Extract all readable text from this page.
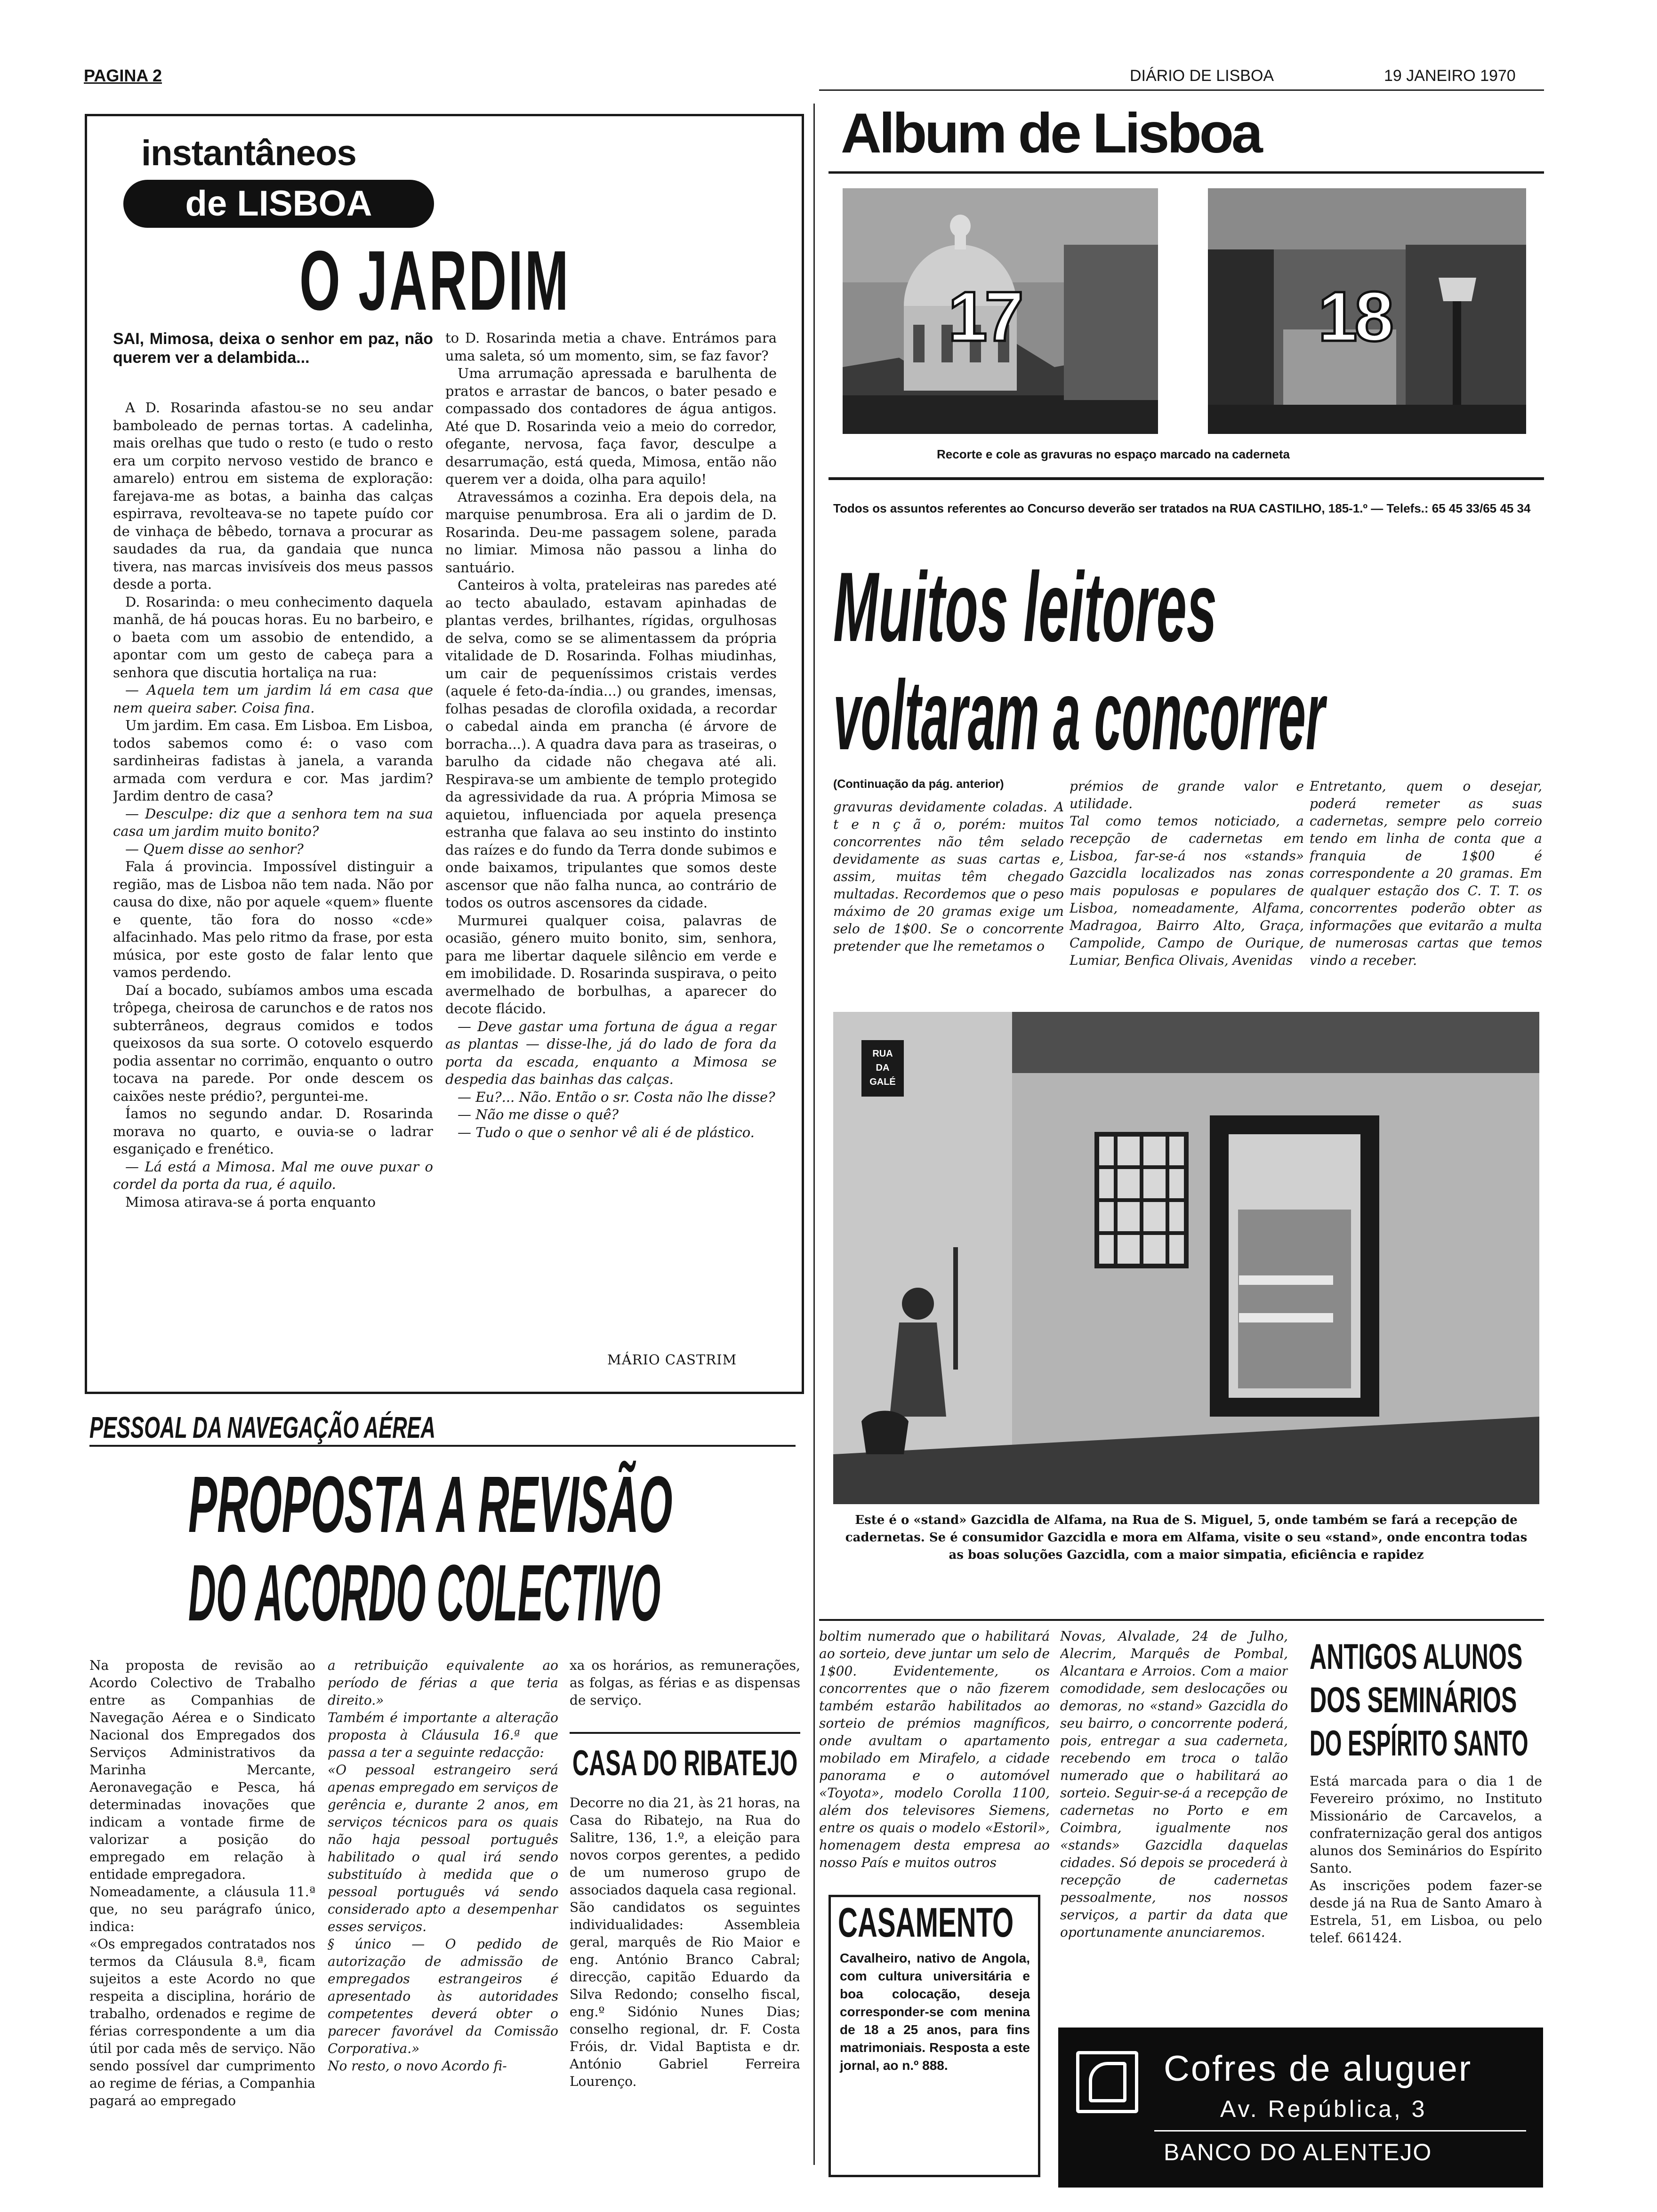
PAGINA 2	DIÁRIO DE LISBOA	19 JANEIRO 1970
instantâneos
de LISBOA
O JARDIM
SAI, Mimosa, deixa o senhor em paz, não querem ver a delambida...

A D. Rosarinda afastou-se no seu andar bamboleado de pernas tortas. A cadelinha, mais orelhas que tudo o resto (e tudo o resto era um corpito nervoso vestido de branco e amarelo) entrou em sistema de exploração: farejava-me as botas, a bainha das calças espirrava, revolteava-se no tapete puído cor de vinhaça de bêbedo, tornava a procurar as saudades da rua, da gandaia que nunca tivera, nas marcas invisíveis dos meus passos desde a porta.

D. Rosarinda: o meu conhecimento daquela manhã, de há poucas horas. Eu no barbeiro, e o baeta com um assobio de entendido, a apontar com um gesto de cabeça para a senhora que discutia hortaliça na rua:

— Aquela tem um jardim lá em casa que nem queira saber. Coisa fina.

Um jardim. Em casa. Em Lisboa. Em Lisboa, todos sabemos como é: o vaso com sardinheiras fadistas à janela, a varanda armada com verdura e cor. Mas jardim? Jardim dentro de casa?

— Desculpe: diz que a senhora tem na sua casa um jardim muito bonito?

— Quem disse ao senhor?

Fala á provincia. Impossível distinguir a região, mas de Lisboa não tem nada. Não por causa do dixe, não por aquele «quem» fluente e quente, tão fora do nosso «cde» alfacinhado. Mas pelo ritmo da frase, por esta música, por este gosto de falar lento que vamos perdendo.

Daí a bocado, subíamos ambos uma escada trôpega, cheirosa de carunchos e de ratos nos subterrâneos, degraus comidos e todos queixosos da sua sorte. O cotovelo esquerdo podia assentar no corrimão, enquanto o outro tocava na parede. Por onde descem os caixões neste prédio?, perguntei-me.

Íamos no segundo andar. D. Rosarinda morava no quarto, e ouvia-se o ladrar esganiçado e frenético.

— Lá está a Mimosa. Mal me ouve puxar o cordel da porta da rua, é aquilo.

Mimosa atirava-se á porta enquanto

to D. Rosarinda metia a chave. Entrámos para uma saleta, só um momento, sim, se faz favor?

Uma arrumação apressada e barulhenta de pratos e arrastar de bancos, o bater pesado e compassado dos contadores de água antigos. Até que D. Rosarinda veio a meio do corredor, ofegante, nervosa, faça favor, desculpe a desarrumação, está queda, Mimosa, então não querem ver a doida, olha para aquilo!

Atravessámos a cozinha. Era depois dela, na marquise penumbrosa. Era ali o jardim de D. Rosarinda. Deu-me passagem solene, parada no limiar. Mimosa não passou a linha do santuário.

Canteiros à volta, prateleiras nas paredes até ao tecto abaulado, estavam apinhadas de plantas verdes, brilhantes, rígidas, orgulhosas de selva, como se se alimentassem da própria vitalidade de D. Rosarinda. Folhas miudinhas, um cair de pequeníssimos cristais verdes (aquele é feto-da-índia...) ou grandes, imensas, folhas pesadas de clorofila oxidada, a recordar o cabedal ainda em prancha (é árvore de borracha...). A quadra dava para as traseiras, o barulho da cidade não chegava até ali. Respirava-se um ambiente de templo protegido da agressividade da rua. A própria Mimosa se aquietou, influenciada por aquela presença estranha que falava ao seu instinto do instinto das raízes e do fundo da Terra donde subimos e onde baixamos, tripulantes que somos deste ascensor que não falha nunca, ao contrário de todos os outros ascensores da cidade.

Murmurei qualquer coisa, palavras de ocasião, género muito bonito, sim, senhora, para me libertar daquele silêncio em verde e em imobilidade. D. Rosarinda suspirava, o peito avermelhado de borbulhas, a aparecer do decote flácido.

— Deve gastar uma fortuna de água a regar as plantas — disse-lhe, já do lado de fora da porta da escada, enquanto a Mimosa se despedia das bainhas das calças.

— Eu?... Não. Então o sr. Costa não lhe disse?

— Não me disse o quê?

— Tudo o que o senhor vê ali é de plástico.

MÁRIO CASTRIM
PESSOAL DA NAVEGAÇÃO AÉREA
PROPOSTA A REVISÃO
DO ACORDO COLECTIVO
Na proposta de revisão ao Acordo Colectivo de Trabalho entre as Companhias de Navegação Aérea e o Sindicato Nacional dos Empregados dos Serviços Administrativos da Marinha Mercante, Aeronavegação e Pesca, há determinadas inovações que indicam a vontade firme de valorizar a posição do empregado em relação à entidade empregadora.
Nomeadamente, a cláusula 11.ª que, no seu parágrafo único, indica:
«Os empregados contratados nos termos da Cláusula 8.ª, ficam sujeitos a este Acordo no que respeita a disciplina, horário de trabalho, ordenados e regime de férias correspondente a um dia útil por cada mês de serviço. Não sendo possível dar cumprimento ao regime de férias, a Companhia pagará ao empregado
a retribuição equivalente ao período de férias a que teria direito.»
Também é importante a alteração proposta à Cláusula 16.ª que passa a ter a seguinte redacção:
«O pessoal estrangeiro será apenas empregado em serviços de gerência e, durante 2 anos, em serviços técnicos para os quais não haja pessoal português habilitado o qual irá sendo substituído à medida que o pessoal português vá sendo considerado apto a desempenhar esses serviços.
§ único — O pedido de autorização de admissão de empregados estrangeiros é apresentado às autoridades competentes deverá obter o parecer favorável da Comissão Corporativa.»
No resto, o novo Acordo fi-
xa os horários, as remunerações, as folgas, as férias e as dispensas de serviço.
CASA DO RIBATEJO
Decorre no dia 21, às 21 horas, na Casa do Ribatejo, na Rua do Salitre, 136, 1.º, a eleição para novos corpos gerentes, a pedido de um numeroso grupo de associados daquela casa regional.
São candidatos os seguintes individualidades: Assembleia geral, marquês de Rio Maior e eng. António Branco Cabral; direcção, capitão Eduardo da Silva Redondo; conselho fiscal, eng.º Sidónio Nunes Dias; conselho regional, dr. F. Costa Fróis, dr. Vidal Baptista e dr. António Gabriel Ferreira Lourenço.
Album de Lisboa
17	18
Recorte e cole as gravuras no espaço marcado na caderneta
Todos os assuntos referentes ao Concurso deverão ser tratados na RUA CASTILHO, 185-1.º — Telefs.: 65 45 33/65 45 34
Muitos leitores
voltaram a concorrer
(Continuação da pág. anterior)
gravuras devidamente coladas. A t e n ç ã o, porém: muitos concorrentes não têm selado devidamente as suas cartas e, assim, muitas têm chegado multadas. Recordemos que o peso máximo de 20 gramas exige um selo de 1$00. Se o concorrente pretender que lhe remetamos o
prémios de grande valor e utilidade.
Tal como temos noticiado, a recepção de cadernetas em Lisboa, far-se-á nos «stands» Gazcidla localizados nas zonas mais populosas e populares de Lisboa, nomeadamente, Alfama, Madragoa, Bairro Alto, Graça, Campolide, Campo de Ourique, Lumiar, Benfica Olivais, Avenidas
Entretanto, quem o desejar, poderá remeter as suas cadernetas, sempre pelo correio tendo em linha de conta que a franquia de 1$00 é correspondente a 20 gramas. Em qualquer estação dos C. T. T. os concorrentes poderão obter as informações que evitarão a multa de numerosas cartas que temos vindo a receber.
RUA
DA
GALÉ
Este é o «stand» Gazcidla de Alfama, na Rua de S. Miguel, 5, onde também se fará a recepção de cadernetas. Se é consumidor Gazcidla e mora em Alfama, visite o seu «stand», onde encontra todas as boas soluções Gazcidla, com a maior simpatia, eficiência e rapidez
boltim numerado que o habilitará ao sorteio, deve juntar um selo de 1$00. Evidentemente, os concorrentes que o não fizerem também estarão habilitados ao sorteio de prémios magníficos, onde avultam o apartamento mobilado em Mirafelo, a cidade panorama e o automóvel «Toyota», modelo Corolla 1100, além dos televisores Siemens, entre os quais o modelo «Estoril», homenagem desta empresa ao nosso País e muitos outros
Novas, Alvalade, 24 de Julho, Alecrim, Marquês de Pombal, Alcantara e Arroios. Com a maior comodidade, sem deslocações ou demoras, no «stand» Gazcidla do seu bairro, o concorrente poderá, pois, entregar a sua caderneta, recebendo em troca o talão numerado que o habilitará ao sorteio. Seguir-se-á a recepção de cadernetas no Porto e em Coimbra, igualmente nos «stands» Gazcidla daquelas cidades. Só depois se procederá à recepção de cadernetas pessoalmente, nos nossos serviços, a partir da data que oportunamente anunciaremos.
CASAMENTO
Cavalheiro, nativo de Angola, com cultura universitária e boa colocação, deseja corresponder-se com menina de 18 a 25 anos, para fins matrimoniais. Resposta a este jornal, ao n.º 888.
ANTIGOS ALUNOS
DOS SEMINÁRIOS
DO ESPÍRITO SANTO
Está marcada para o dia 1 de Fevereiro próximo, no Instituto Missionário de Carcavelos, a confraternização geral dos antigos alunos dos Seminários do Espírito Santo.
As inscrições podem fazer-se desde já na Rua de Santo Amaro à Estrela, 51, em Lisboa, ou pelo telef. 661424.
Cofres de aluguer
Av. República, 3
BANCO DO ALENTEJO
